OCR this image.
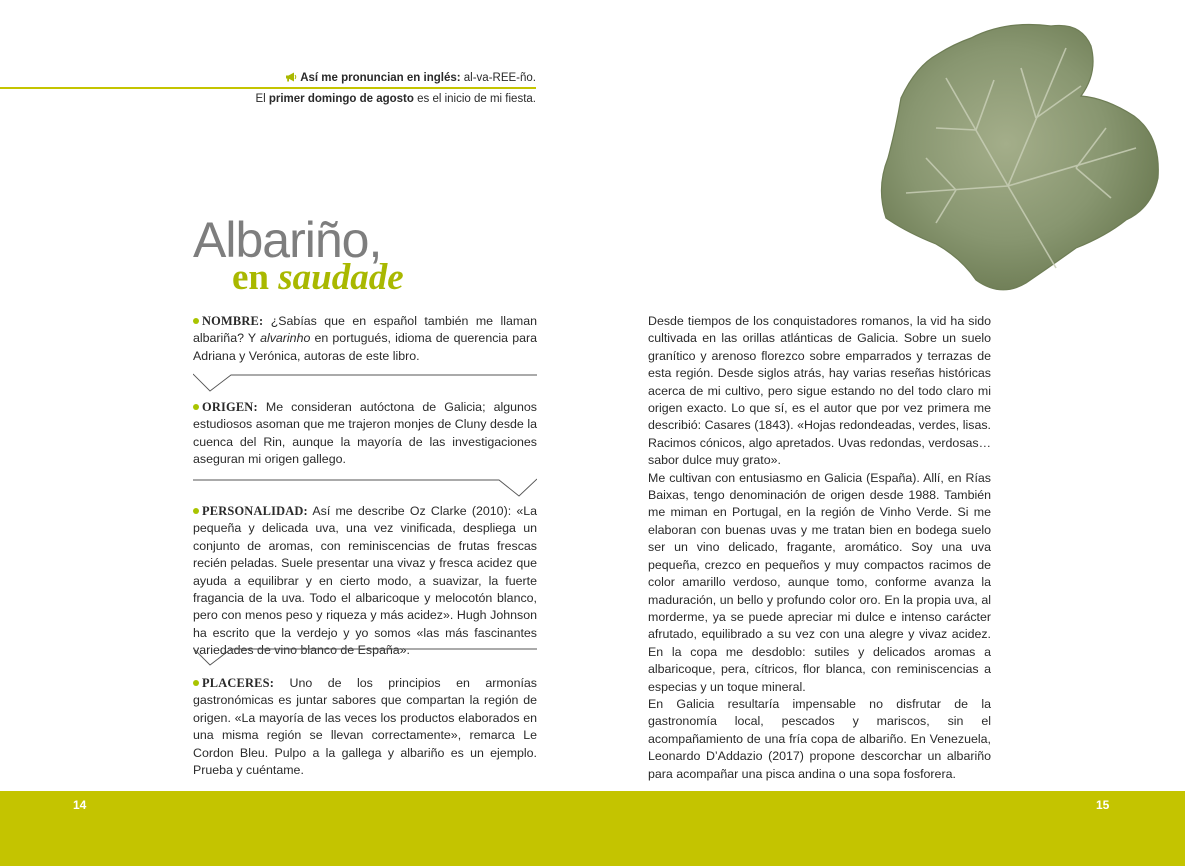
Así me pronuncian en inglés: al-va-REE-ño.
El primer domingo de agosto es el inicio de mi fiesta.
Albariño,
en saudade

NOMBRE: ¿Sabías que en español también me llaman albariña? Y alvarinho en portugués, idioma de querencia para Adriana y Verónica, autoras de este libro.

ORIGEN: Me consideran autóctona de Galicia; algunos estudiosos asoman que me trajeron monjes de Cluny desde la cuenca del Rin, aunque la mayoría de las investigaciones aseguran mi origen gallego.

PERSONALIDAD: Así me describe Oz Clarke (2010): «La pequeña y delicada uva, una vez vinificada, despliega un conjunto de aromas, con reminiscencias de frutas frescas recién peladas. Suele presentar una vivaz y fresca acidez que ayuda a equilibrar y en cierto modo, a suavizar, la fuerte fragancia de la uva. Todo el albaricoque y melocotón blanco, pero con menos peso y riqueza y más acidez». Hugh Johnson ha escrito que la verdejo y yo somos «las más fascinantes variedades de vino blanco de España».

PLACERES: Uno de los principios en armonías gastronómicas es juntar sabores que compartan la región de origen. «La mayoría de las veces los productos elaborados en una misma región se llevan correctamente», remarca Le Cordon Bleu. Pulpo a la gallega y albariño es un ejemplo. Prueba y cuéntame.

Desde tiempos de los conquistadores romanos, la vid ha sido cultivada en las orillas atlánticas de Galicia. Sobre un suelo granítico y arenoso florezco sobre emparrados y terrazas de esta región. Desde siglos atrás, hay varias reseñas históricas acerca de mi cultivo, pero sigue estando no del todo claro mi origen exacto. Lo que sí, es el autor que por vez primera me describió: Casares (1843). «Hojas redondeadas, verdes, lisas. Racimos cónicos, algo apretados. Uvas redondas, verdosas… sabor dulce muy grato».

Me cultivan con entusiasmo en Galicia (España). Allí, en Rías Baixas, tengo denominación de origen desde 1988. También me miman en Portugal, en la región de Vinho Verde. Si me elaboran con buenas uvas y me tratan bien en bodega suelo ser un vino delicado, fragante, aromático. Soy una uva pequeña, crezco en pequeños y muy compactos racimos de color amarillo verdoso, aunque tomo, conforme avanza la maduración, un bello y profundo color oro. En la propia uva, al morderme, ya se puede apreciar mi dulce e intenso carácter afrutado, equilibrado a su vez con una alegre y vivaz acidez. En la copa me desdoblo: sutiles y delicados aromas a albaricoque, pera, cítricos, flor blanca, con reminiscencias a especias y un toque mineral.

En Galicia resultaría impensable no disfrutar de la gastronomía local, pescados y mariscos, sin el acompañamiento de una fría copa de albariño. En Venezuela, Leonardo D’Addazio (2017) propone descorchar un albariño para acompañar una pisca andina o una sopa fosforera.

14	15
